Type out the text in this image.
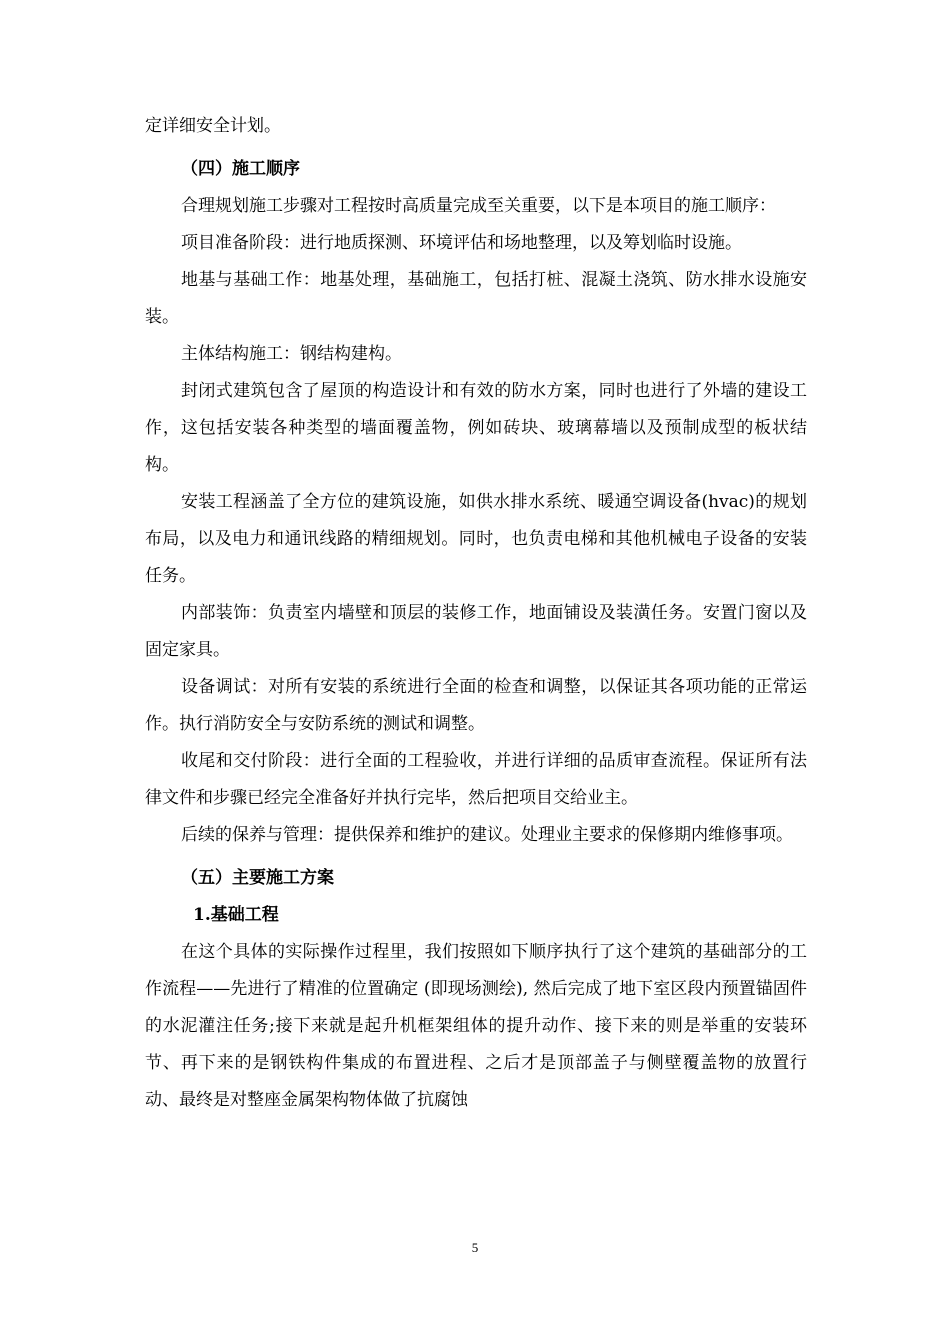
定详细安全计划。

（四）施工顺序

合理规划施工步骤对工程按时高质量完成至关重要，以下是本项目的施工顺序：

项目准备阶段：进行地质探测、环境评估和场地整理，以及筹划临时设施。

地基与基础工作：地基处理，基础施工，包括打桩、混凝土浇筑、防水排水设施安装。

主体结构施工：钢结构建构。

封闭式建筑包含了屋顶的构造设计和有效的防水方案，同时也进行了外墙的建设工作，这包括安装各种类型的墙面覆盖物，例如砖块、玻璃幕墙以及预制成型的板状结构。

安装工程涵盖了全方位的建筑设施，如供水排水系统、暖通空调设备(hvac)的规划布局，以及电力和通讯线路的精细规划。同时，也负责电梯和其他机械电子设备的安装任务。

内部装饰：负责室内墙壁和顶层的装修工作，地面铺设及装潢任务。安置门窗以及固定家具。

设备调试：对所有安装的系统进行全面的检查和调整，以保证其各项功能的正常运作。执行消防安全与安防系统的测试和调整。

收尾和交付阶段：进行全面的工程验收，并进行详细的品质审查流程。保证所有法律文件和步骤已经完全准备好并执行完毕，然后把项目交给业主。

后续的保养与管理：提供保养和维护的建议。处理业主要求的保修期内维修事项。

（五）主要施工方案

1.基础工程

在这个具体的实际操作过程里，我们按照如下顺序执行了这个建筑的基础部分的工作流程——先进行了精准的位置确定 (即现场测绘), 然后完成了地下室区段内预置锚固件的水泥灌注任务;接下来就是起升机框架组体的提升动作、接下来的则是举重的安装环节、再下来的是钢铁构件集成的布置进程、之后才是顶部盖子与侧壁覆盖物的放置行动、最终是对整座金属架构物体做了抗腐蚀

5
